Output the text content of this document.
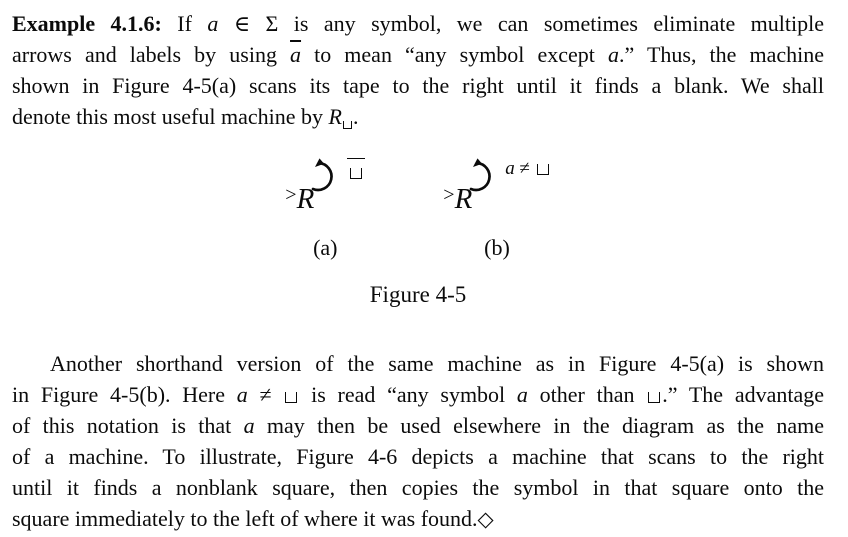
Example 4.1.6: If a ∈ Σ is any symbol, we can sometimes eliminate multiple
arrows and labels by using $\overline{a}$ to mean “any symbol except a.” Thus, the machine
shown in Figure 4-5(a) scans its tape to the right until it finds a blank. We shall
denote this most useful machine by R .
> R
(a)
> R
a ≠
(b)
Figure 4-5
Another shorthand version of the same machine as in Figure 4-5(a) is shown
in Figure 4-5(b). Here a ≠  is read “any symbol a other than .” The advantage
of this notation is that a may then be used elsewhere in the diagram as the name
of a machine. To illustrate, Figure 4-6 depicts a machine that scans to the right
until it finds a nonblank square, then copies the symbol in that square onto the
square immediately to the left of where it was found.◇
